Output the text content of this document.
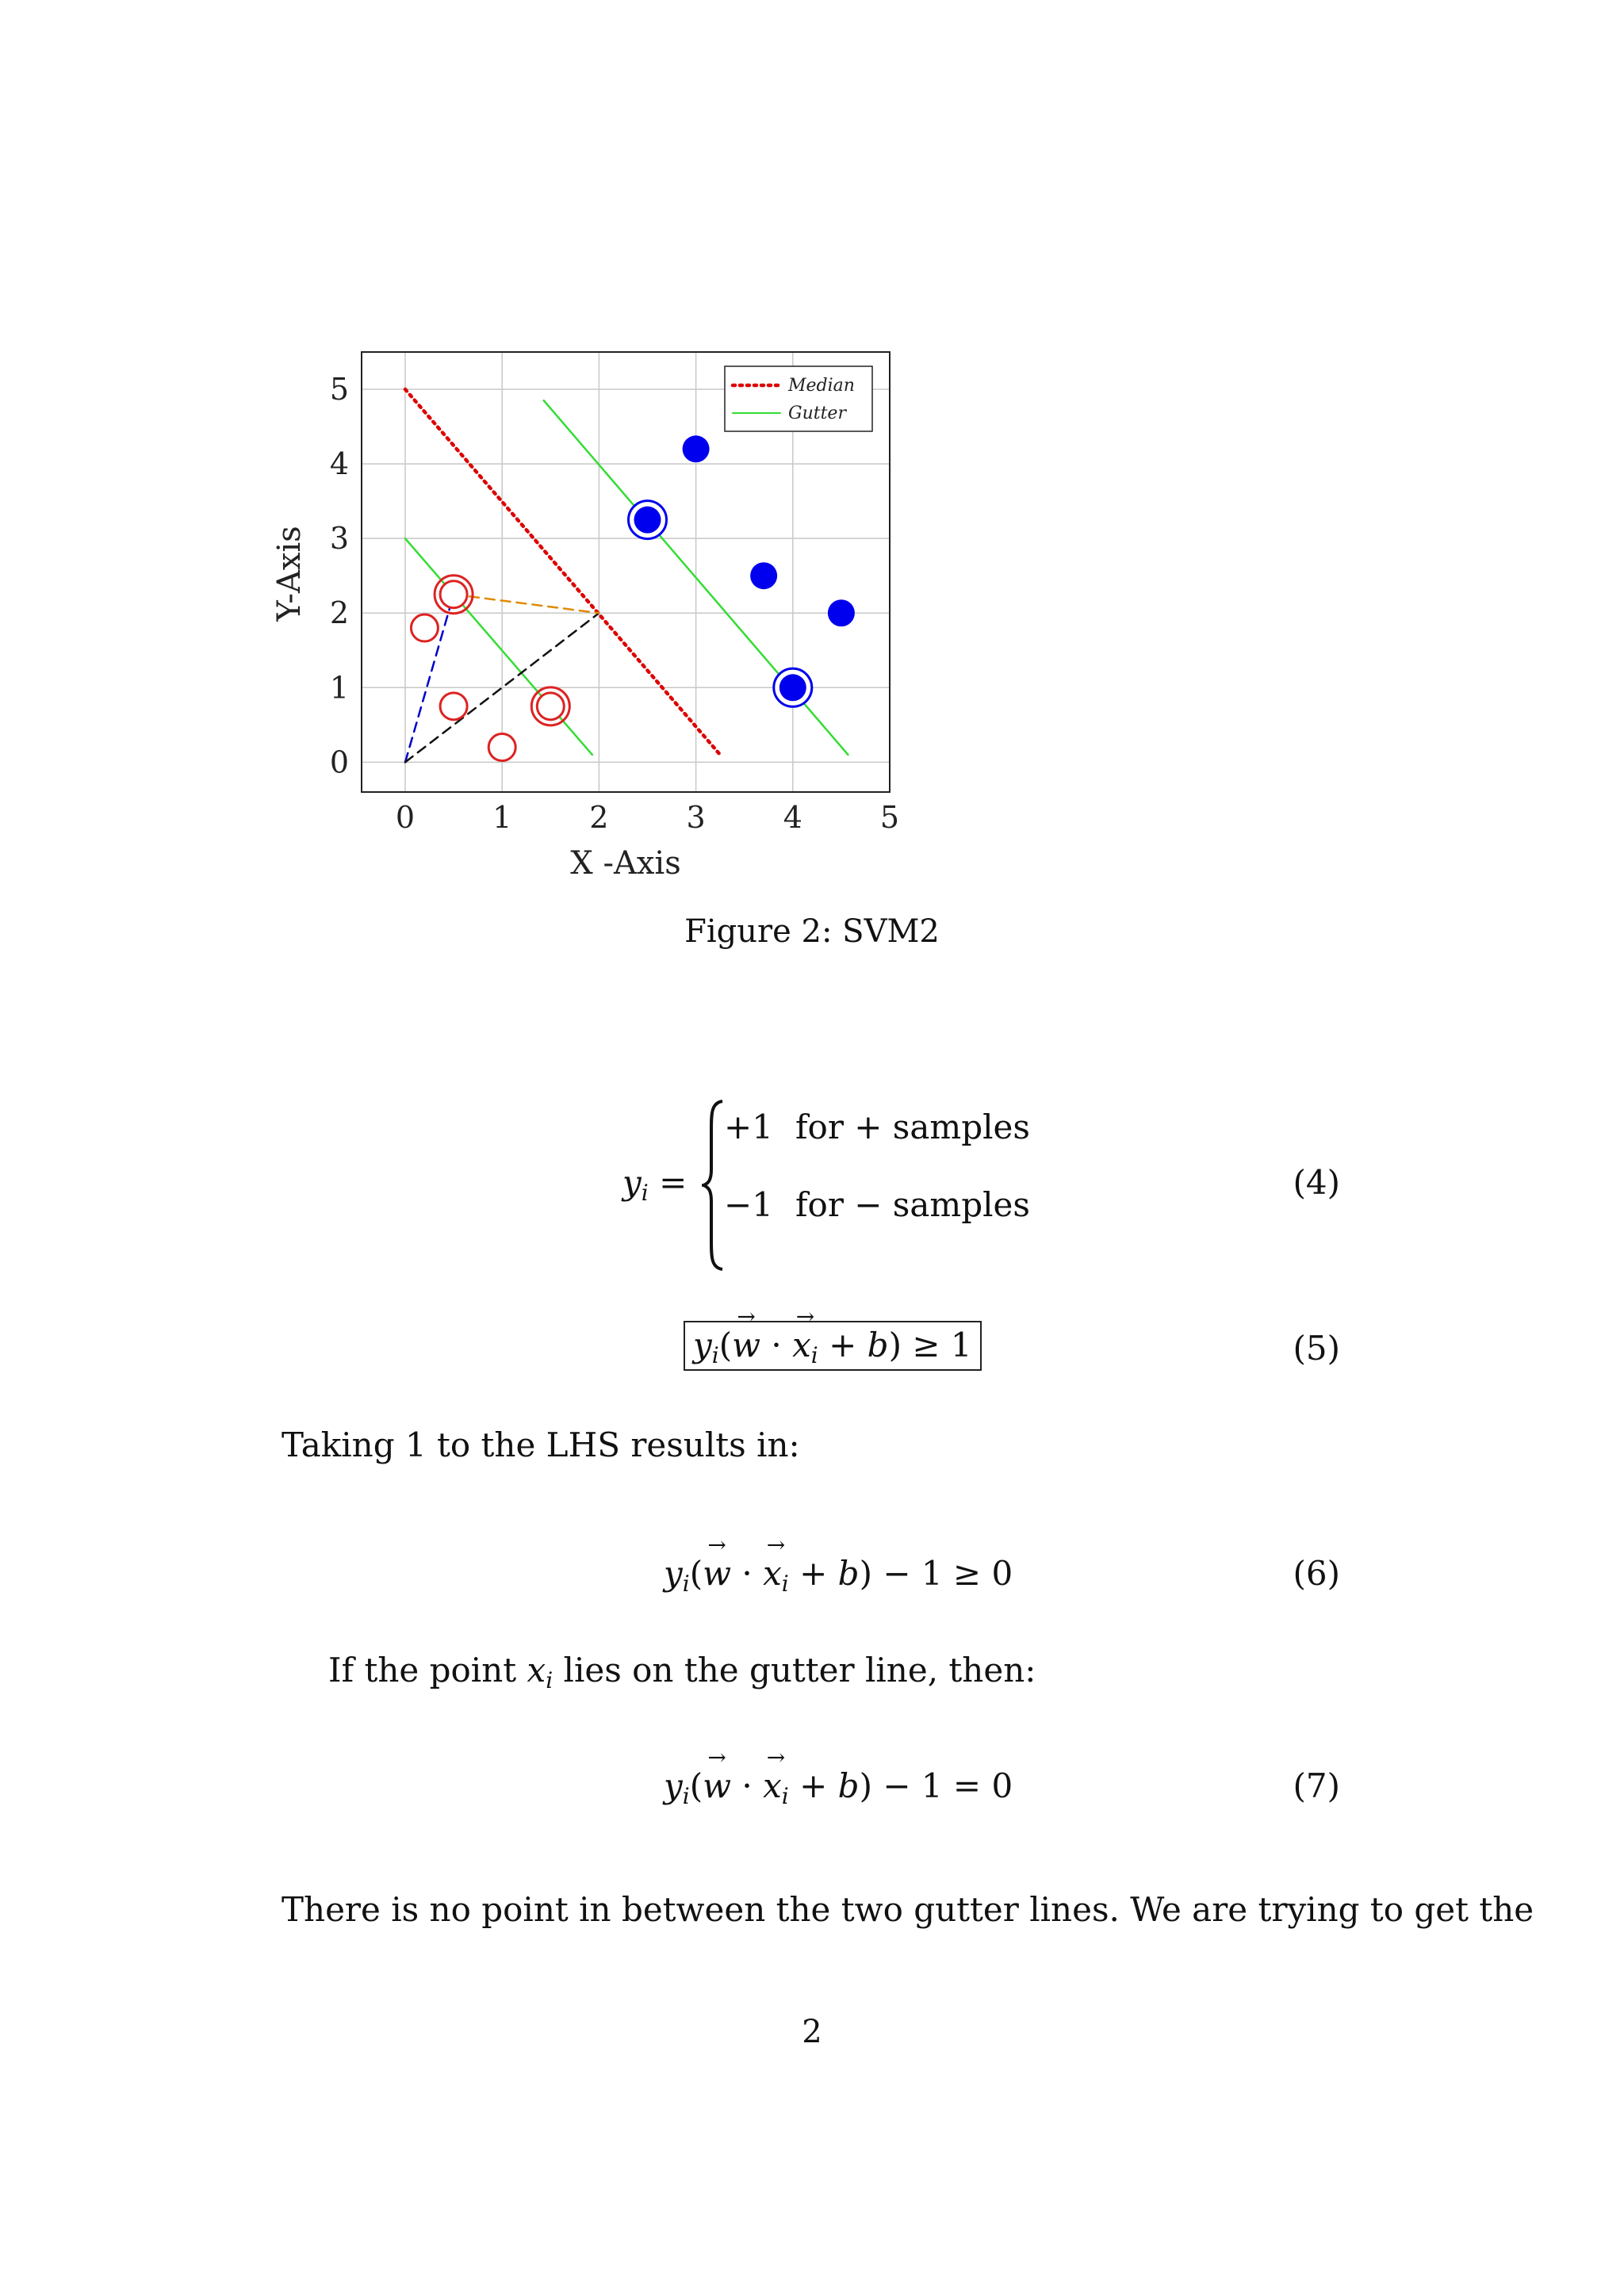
0	1	2	3	4	5
0
1
2
3
4
5
X -Axis
Y-Axis
Median
Gutter
Figure 2: SVM2
$y_i$ =
+1 for + samples
−1 for − samples
(4)
$y_i(\to w$ · → $x_i + b) \ge 1$	(5)
Taking 1 to the LHS results in:
$y_i(\to w$ · → $x_i + b) - 1 \ge 0$	(6)
If the point $x_i$ lies on the gutter line, then:
$y_i(\to w$ · → $x_i + b) - 1 = 0$	(7)
There is no point in between the two gutter lines. We are trying to get the
2
